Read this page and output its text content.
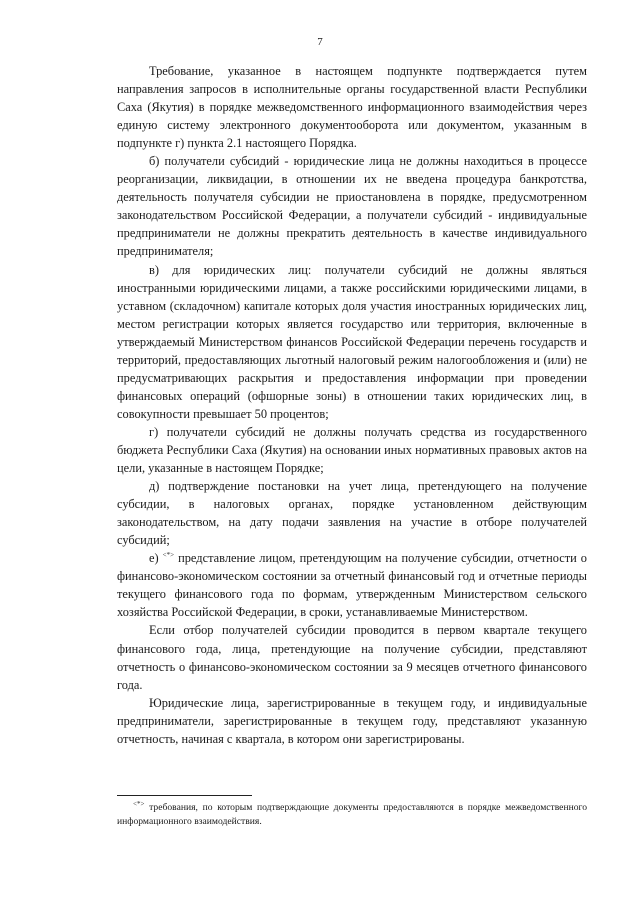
7

Требование, указанное в настоящем подпункте подтверждается путем направления запросов в исполнительные органы государственной власти Республики Саха (Якутия) в порядке межведомственного информационного взаимодействия через единую систему электронного документооборота или документом, указанным в подпункте г) пункта 2.1 настоящего Порядка.

б) получатели субсидий - юридические лица не должны находиться в процессе реорганизации, ликвидации, в отношении их не введена процедура банкротства, деятельность получателя субсидии не приостановлена в порядке, предусмотренном законодательством Российской Федерации, а получатели субсидий - индивидуальные предприниматели не должны прекратить деятельность в качестве индивидуального предпринимателя;

в) для юридических лиц: получатели субсидий не должны являться иностранными юридическими лицами, а также российскими юридическими лицами, в уставном (складочном) капитале которых доля участия иностранных юридических лиц, местом регистрации которых является государство или территория, включенные в утверждаемый Министерством финансов Российской Федерации перечень государств и территорий, предоставляющих льготный налоговый режим налогообложения и (или) не предусматривающих раскрытия и предоставления информации при проведении финансовых операций (офшорные зоны) в отношении таких юридических лиц, в совокупности превышает 50 процентов;

г) получатели субсидий не должны получать средства из государственного бюджета Республики Саха (Якутия) на основании иных нормативных правовых актов на цели, указанные в настоящем Порядке;

д) подтверждение постановки на учет лица, претендующего на получение субсидии, в налоговых органах, порядке установленном действующим законодательством, на дату подачи заявления на участие в отборе получателей субсидий;

е) <*> представление лицом, претендующим на получение субсидии, отчетности о финансово-экономическом состоянии за отчетный финансовый год и отчетные периоды текущего финансового года по формам, утвержденным Министерством сельского хозяйства Российской Федерации, в сроки, устанавливаемые Министерством.

Если отбор получателей субсидии проводится в первом квартале текущего финансового года, лица, претендующие на получение субсидии, представляют отчетность о финансово-экономическом состоянии за 9 месяцев отчетного финансового года.

Юридические лица, зарегистрированные в текущем году, и индивидуальные предприниматели, зарегистрированные в текущем году, представляют указанную отчетность, начиная с квартала, в котором они зарегистрированы.

<*> требования, по которым подтверждающие документы предоставляются в порядке межведомственного информационного взаимодействия.
